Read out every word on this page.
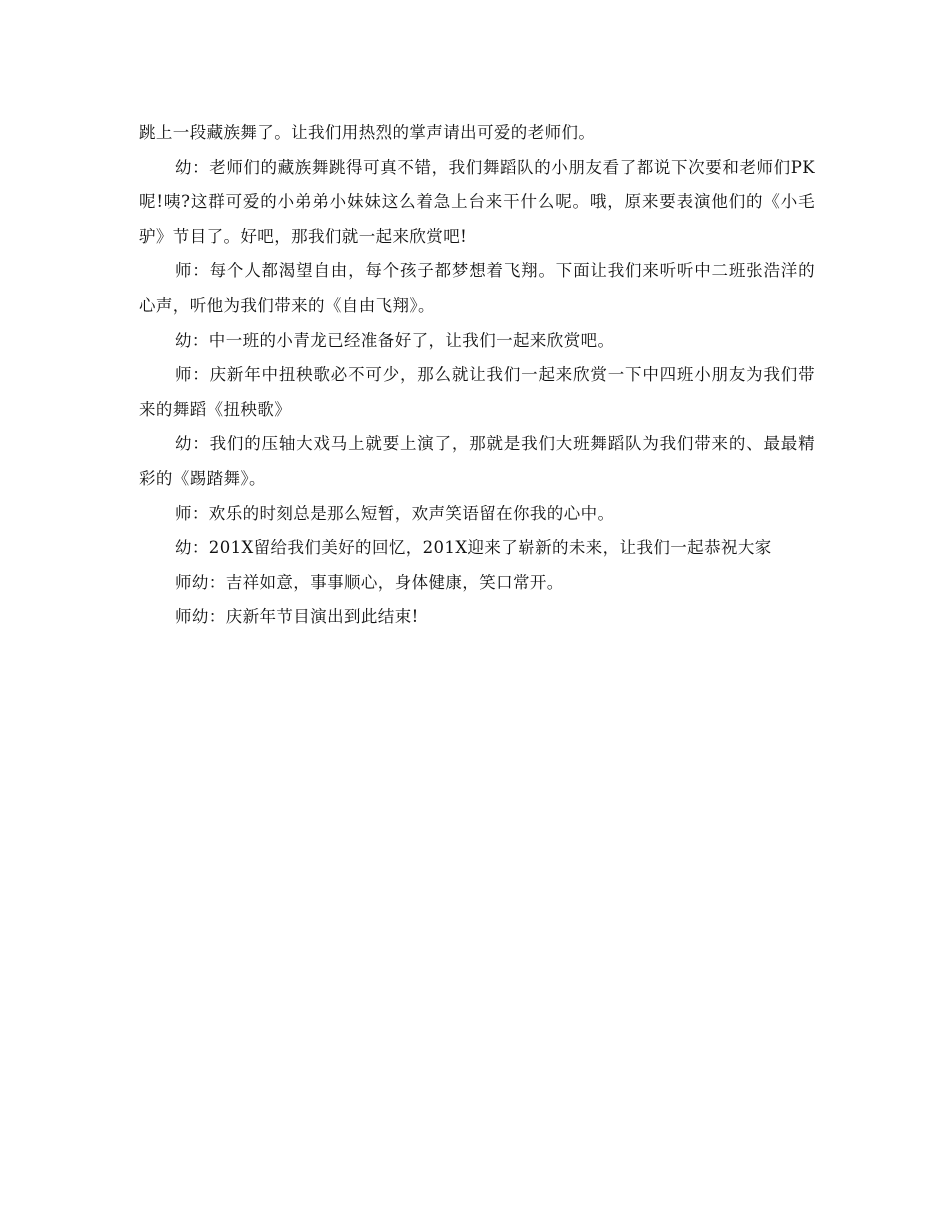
跳上一段藏族舞了。让我们用热烈的掌声请出可爱的老师们。

幼：老师们的藏族舞跳得可真不错，我们舞蹈队的小朋友看了都说下次要和老师们PK呢!咦?这群可爱的小弟弟小妹妹这么着急上台来干什么呢。哦，原来要表演他们的《小毛驴》节目了。好吧，那我们就一起来欣赏吧!

师：每个人都渴望自由，每个孩子都梦想着飞翔。下面让我们来听听中二班张浩洋的心声，听他为我们带来的《自由飞翔》。

幼：中一班的小青龙已经准备好了，让我们一起来欣赏吧。

师：庆新年中扭秧歌必不可少，那么就让我们一起来欣赏一下中四班小朋友为我们带来的舞蹈《扭秧歌》

幼：我们的压轴大戏马上就要上演了，那就是我们大班舞蹈队为我们带来的、最最精彩的《踢踏舞》。

师：欢乐的时刻总是那么短暂，欢声笑语留在你我的心中。

幼：201X留给我们美好的回忆，201X迎来了崭新的未来，让我们一起恭祝大家

师幼：吉祥如意，事事顺心，身体健康，笑口常开。

师幼：庆新年节目演出到此结束!
